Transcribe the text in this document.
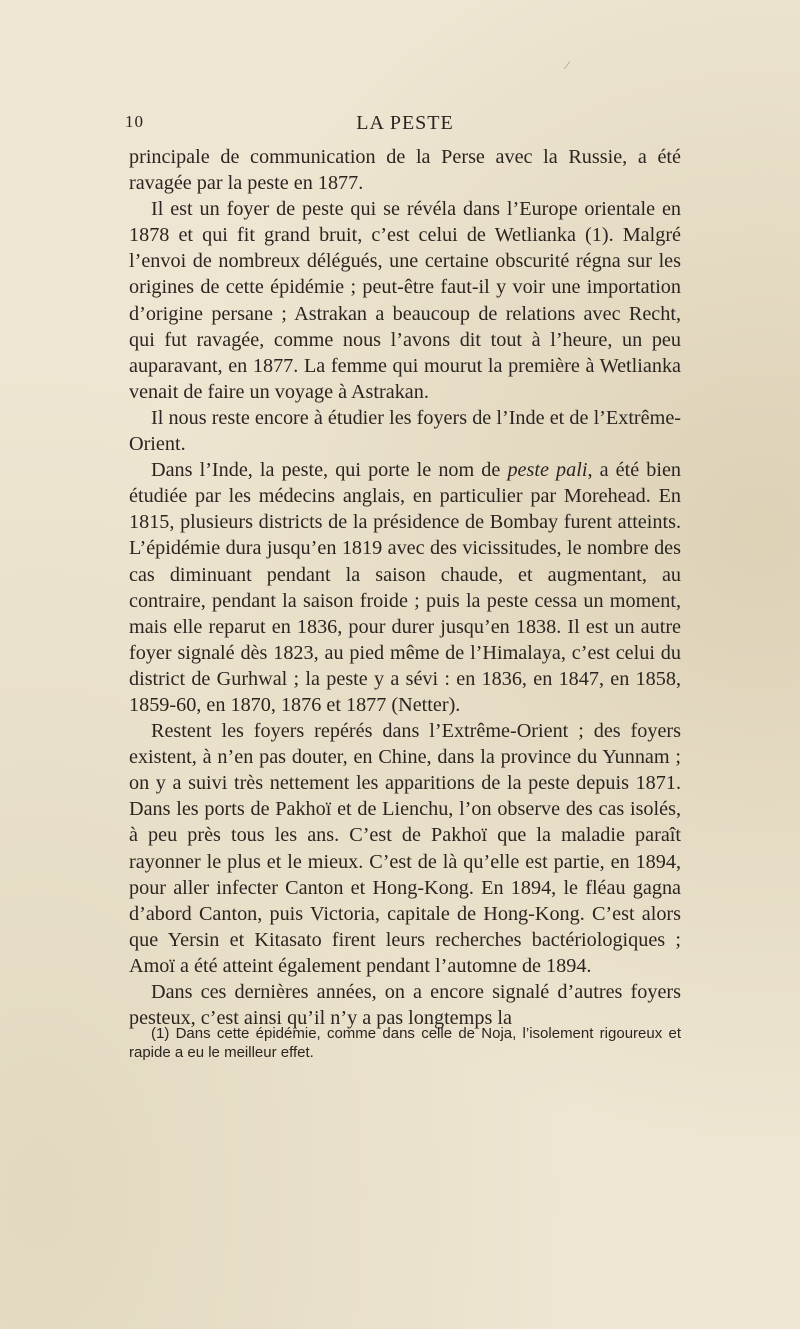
⁄
10	LA PESTE

principale de communication de la Perse avec la Russie, a été ravagée par la peste en 1877.

Il est un foyer de peste qui se révéla dans l’Europe orientale en 1878 et qui fit grand bruit, c’est celui de Wetlianka (1). Malgré l’envoi de nombreux délégués, une certaine obscurité régna sur les origines de cette épidémie ; peut-être faut-il y voir une importation d’origine persane ; Astrakan a beaucoup de relations avec Recht, qui fut ravagée, comme nous l’avons dit tout à l’heure, un peu auparavant, en 1877. La femme qui mourut la première à Wetlianka venait de faire un voyage à Astrakan.

Il nous reste encore à étudier les foyers de l’Inde et de l’Extrême-Orient.

Dans l’Inde, la peste, qui porte le nom de peste pali, a été bien étudiée par les médecins anglais, en particulier par Morehead. En 1815, plusieurs districts de la présidence de Bombay furent atteints. L’épidémie dura jusqu’en 1819 avec des vicissitudes, le nombre des cas diminuant pendant la saison chaude, et augmentant, au contraire, pendant la saison froide ; puis la peste cessa un moment, mais elle reparut en 1836, pour durer jusqu’en 1838. Il est un autre foyer signalé dès 1823, au pied même de l’Himalaya, c’est celui du district de Gurhwal ; la peste y a sévi : en 1836, en 1847, en 1858, 1859-60, en 1870, 1876 et 1877 (Netter).

Restent les foyers repérés dans l’Extrême-Orient ; des foyers existent, à n’en pas douter, en Chine, dans la province du Yunnam ; on y a suivi très nettement les apparitions de la peste depuis 1871. Dans les ports de Pakhoï et de Lienchu, l’on observe des cas isolés, à peu près tous les ans. C’est de Pakhoï que la maladie paraît rayonner le plus et le mieux. C’est de là qu’elle est partie, en 1894, pour aller infecter Canton et Hong-Kong. En 1894, le fléau gagna d’abord Canton, puis Victoria, capitale de Hong-Kong. C’est alors que Yersin et Kitasato firent leurs recherches bactériologiques ; Amoï a été atteint également pendant l’automne de 1894.

Dans ces dernières années, on a encore signalé d’autres foyers pesteux, c’est ainsi qu’il n’y a pas longtemps la

(1) Dans cette épidémie, comme dans celle de Noja, l’isolement rigoureux et rapide a eu le meilleur effet.
